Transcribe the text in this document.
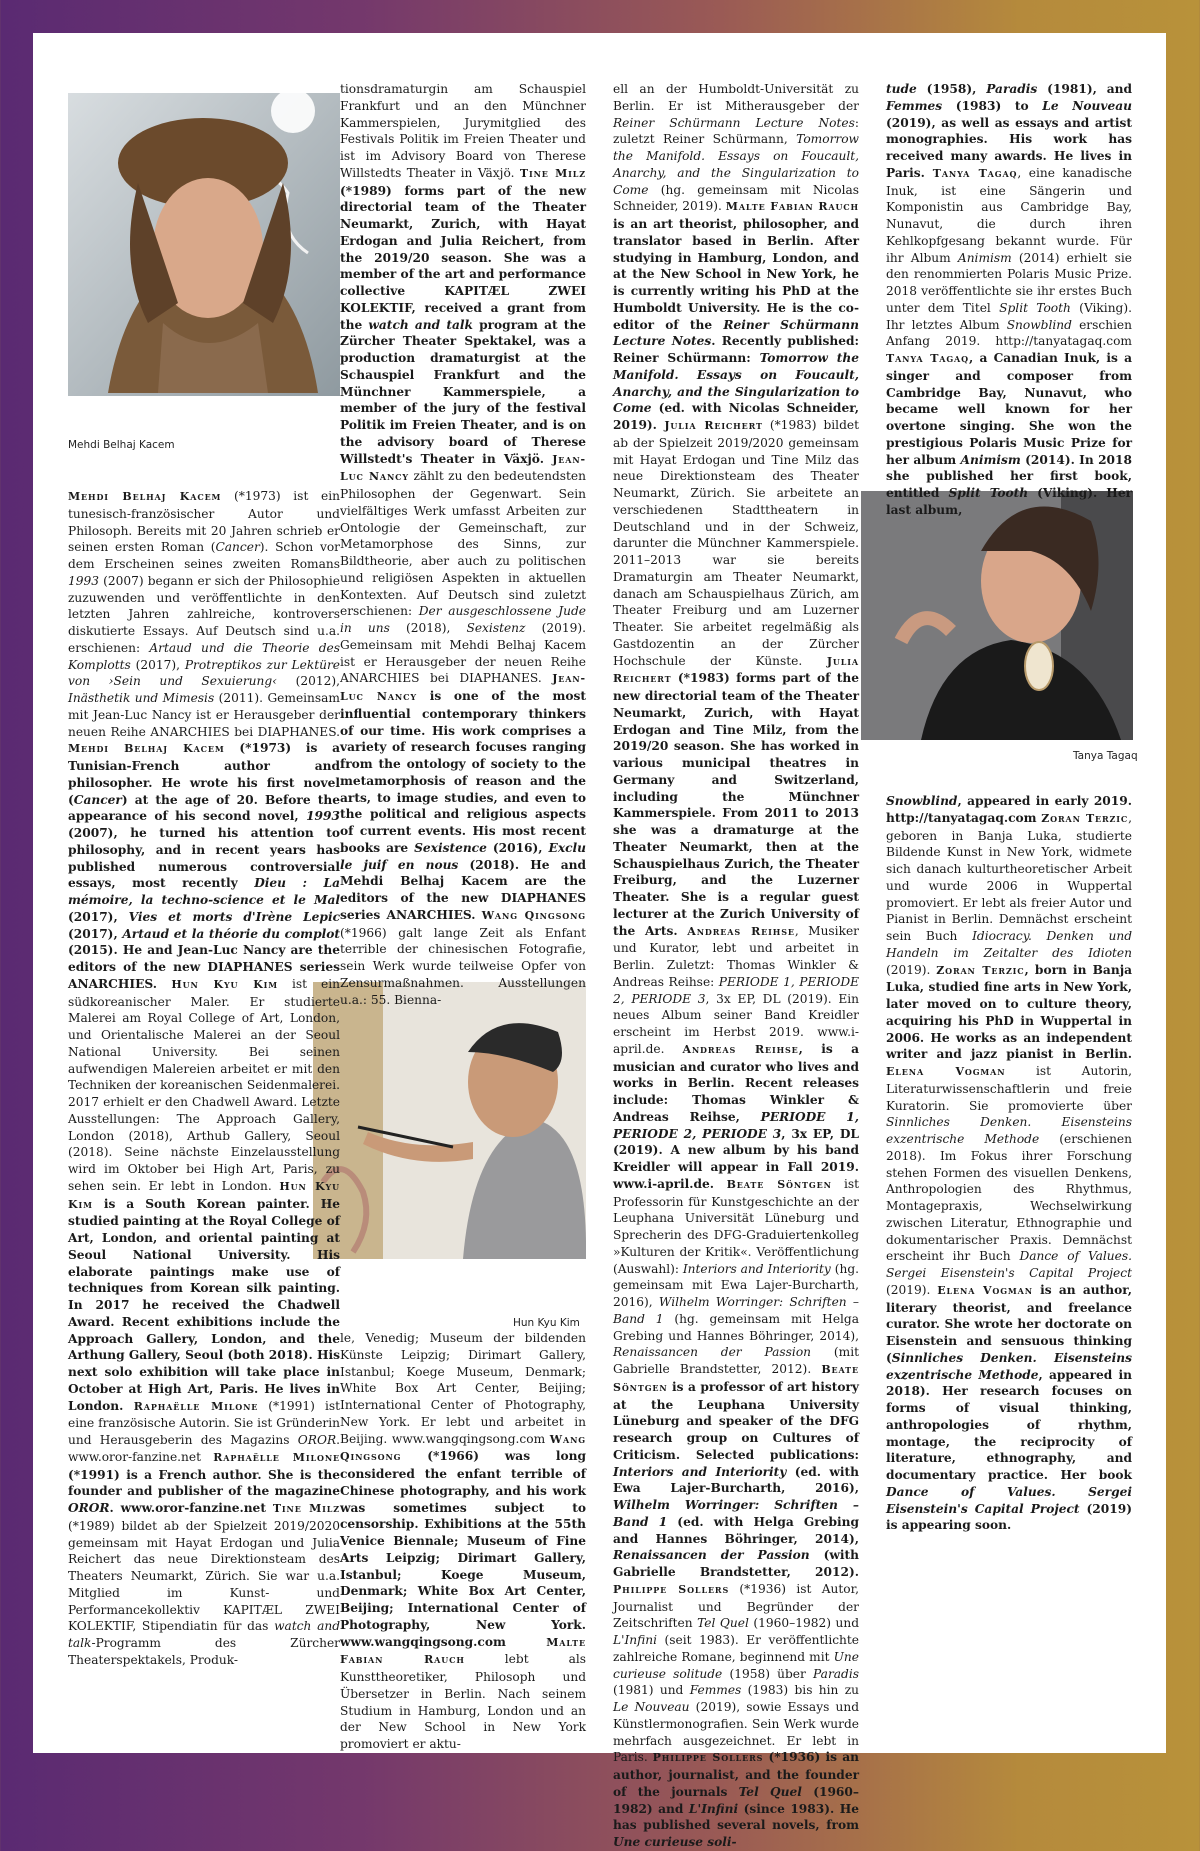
Mehdi Belhaj Kacem
Hun Kyu Kim
Tanya Tagaq

Mehdi Belhaj Kacem (*1973) ist ein tunesisch-französischer Autor und Philosoph. Bereits mit 20 Jahren schrieb er seinen ersten Roman (Cancer). Schon vor dem Erscheinen seines zweiten Romans 1993 (2007) begann er sich der Philosophie zuzuwenden und veröffentlichte in den letzten Jahren zahlreiche, kontrovers diskutierte Essays. Auf Deutsch sind u.a. erschienen: Artaud und die Theorie des Komplotts (2017), Protreptikos zur Lektüre von ›Sein und Sexuierung‹ (2012), Inästhetik und Mimesis (2011). Gemeinsam mit Jean-Luc Nancy ist er Herausgeber der neuen Reihe ANARCHIES bei DIAPHANES. Mehdi Belhaj Kacem (*1973) is a Tunisian-French author and philosopher. He wrote his first novel (Cancer) at the age of 20. Before the appearance of his second novel, 1993 (2007), he turned his attention to philosophy, and in recent years has published numerous controversial essays, most recently Dieu : La mémoire, la techno-science et le Mal (2017), Vies et morts d'Irène Lepic (2017), Artaud et la théorie du complot (2015). He and Jean-Luc Nancy are the editors of the new DIAPHANES series ANARCHIES. Hun Kyu Kim ist ein südkoreanischer Maler. Er studierte Malerei am Royal College of Art, London, und Orientalische Malerei an der Seoul National University. Bei seinen aufwendigen Malereien arbeitet er mit den Techniken der koreanischen Seidenmalerei. 2017 erhielt er den Chadwell Award. Letzte Ausstellungen: The Approach Gallery, London (2018), Arthub Gallery, Seoul (2018). Seine nächste Einzelausstellung wird im Oktober bei High Art, Paris, zu sehen sein. Er lebt in London. Hun Kyu Kim is a South Korean painter. He studied painting at the Royal College of Art, London, and oriental painting at Seoul National University. His elaborate paintings make use of techniques from Korean silk painting. In 2017 he received the Chadwell Award. Recent exhibitions include the Approach Gallery, London, and the Arthung Gallery, Seoul (both 2018). His next solo exhibition will take place in October at High Art, Paris. He lives in London. Raphaëlle Milone (*1991) ist eine französische Autorin. Sie ist Gründerin und Herausgeberin des Magazins OROR. www.oror-fanzine.net Raphaëlle Milone (*1991) is a French author. She is the founder and publisher of the magazine OROR. www.oror-fanzine.net Tine Milz (*1989) bildet ab der Spielzeit 2019/2020 gemeinsam mit Hayat Erdogan und Julia Reichert das neue Direktionsteam des Theaters Neumarkt, Zürich. Sie war u.a. Mitglied im Kunst- und Performancekollektiv KAPITÆL ZWEI KOLEKTIF, Stipendiatin für das watch and talk-Programm des Zürcher Theaterspektakels, Produk-

tionsdramaturgin am Schauspiel Frankfurt und an den Münchner Kammerspielen, Jurymitglied des Festivals Politik im Freien Theater und ist im Advisory Board von Therese Willstedts Theater in Växjö. Tine Milz (*1989) forms part of the new directorial team of the Theater Neumarkt, Zurich, with Hayat Erdogan and Julia Reichert, from the 2019/20 season. She was a member of the art and performance collective KAPITÆL ZWEI KOLEKTIF, received a grant from the watch and talk program at the Zürcher Theater Spektakel, was a production dramaturgist at the Schauspiel Frankfurt and the Münchner Kammerspiele, a member of the jury of the festival Politik im Freien Theater, and is on the advisory board of Therese Willstedt's Theater in Växjö. Jean-Luc Nancy zählt zu den bedeutendsten Philosophen der Gegenwart. Sein vielfältiges Werk umfasst Arbeiten zur Ontologie der Gemeinschaft, zur Metamorphose des Sinns, zur Bildtheorie, aber auch zu politischen und religiösen Aspekten in aktuellen Kontexten. Auf Deutsch sind zuletzt erschienen: Der ausgeschlossene Jude in uns (2018), Sexistenz (2019). Gemeinsam mit Mehdi Belhaj Kacem ist er Herausgeber der neuen Reihe ANARCHIES bei DIAPHANES. Jean-Luc Nancy is one of the most influential contemporary thinkers of our time. His work comprises a variety of research focuses ranging from the ontology of society to the metamorphosis of reason and the arts, to image studies, and even to the political and religious aspects of current events. His most recent books are Sexistence (2016), Exclu le juif en nous (2018). He and Mehdi Belhaj Kacem are the editors of the new DIAPHANES series ANARCHIES. Wang Qingsong (*1966) galt lange Zeit als Enfant terrible der chinesischen Fotografie, sein Werk wurde teilweise Opfer von Zensurmaßnahmen. Ausstellungen u.a.: 55. Bienna-

le, Venedig; Museum der bildenden Künste Leipzig; Dirimart Gallery, Istanbul; Koege Museum, Denmark; White Box Art Center, Beijing; International Center of Photography, New York. Er lebt und arbeitet in Beijing. www.wangqingsong.com Wang Qingsong (*1966) was long considered the enfant terrible of Chinese photography, and his work was sometimes subject to censorship. Exhibitions at the 55th Venice Biennale; Museum of Fine Arts Leipzig; Dirimart Gallery, Istanbul; Koege Museum, Denmark; White Box Art Center, Beijing; International Center of Photography, New York. www.wangqingsong.com Malte Fabian Rauch lebt als Kunsttheoretiker, Philosoph und Übersetzer in Berlin. Nach seinem Studium in Hamburg, London und an der New School in New York promoviert er aktu-

ell an der Humboldt-Universität zu Berlin. Er ist Mitherausgeber der Reiner Schürmann Lecture Notes: zuletzt Reiner Schürmann, Tomorrow the Manifold. Essays on Foucault, Anarchy, and the Singularization to Come (hg. gemeinsam mit Nicolas Schneider, 2019). Malte Fabian Rauch is an art theorist, philosopher, and translator based in Berlin. After studying in Hamburg, London, and at the New School in New York, he is currently writing his PhD at the Humboldt University. He is the co-editor of the Reiner Schürmann Lecture Notes. Recently published: Reiner Schürmann: Tomorrow the Manifold. Essays on Foucault, Anarchy, and the Singularization to Come (ed. with Nicolas Schneider, 2019). Julia Reichert (*1983) bildet ab der Spielzeit 2019/2020 gemeinsam mit Hayat Erdogan und Tine Milz das neue Direktionsteam des Theater Neumarkt, Zürich. Sie arbeitete an verschiedenen Stadttheatern in Deutschland und in der Schweiz, darunter die Münchner Kammerspiele. 2011–2013 war sie bereits Dramaturgin am Theater Neumarkt, danach am Schauspielhaus Zürich, am Theater Freiburg und am Luzerner Theater. Sie arbeitet regelmäßig als Gastdozentin an der Zürcher Hochschule der Künste. Julia Reichert (*1983) forms part of the new directorial team of the Theater Neumarkt, Zurich, with Hayat Erdogan and Tine Milz, from the 2019/20 season. She has worked in various municipal theatres in Germany and Switzerland, including the Münchner Kammerspiele. From 2011 to 2013 she was a dramaturge at the Theater Neumarkt, then at the Schauspielhaus Zurich, the Theater Freiburg, and the Luzerner Theater. She is a regular guest lecturer at the Zurich University of the Arts. Andreas Reihse, Musiker und Kurator, lebt und arbeitet in Berlin. Zuletzt: Thomas Winkler & Andreas Reihse: PERIODE 1, PERIODE 2, PERIODE 3, 3x EP, DL (2019). Ein neues Album seiner Band Kreidler erscheint im Herbst 2019. www.i-april.de. Andreas Reihse, is a musician and curator who lives and works in Berlin. Recent releases include: Thomas Winkler & Andreas Reihse, PERIODE 1, PERIODE 2, PERIODE 3, 3x EP, DL (2019). A new album by his band Kreidler will appear in Fall 2019. www.i-april.de. Beate Söntgen ist Professorin für Kunstgeschichte an der Leuphana Universität Lüneburg und Sprecherin des DFG-Graduiertenkolleg »Kulturen der Kritik«. Veröffentlichung (Auswahl): Interiors and Interiority (hg. gemeinsam mit Ewa Lajer-Burcharth, 2016), Wilhelm Worringer: Schriften – Band 1 (hg. gemeinsam mit Helga Grebing und Hannes Böhringer, 2014), Renaissancen der Passion (mit Gabrielle Brandstetter, 2012). Beate Söntgen is a professor of art history at the Leuphana University Lüneburg and speaker of the DFG research group on Cultures of Criticism. Selected publications: Interiors and Interiority (ed. with Ewa Lajer-Burcharth, 2016), Wilhelm Worringer: Schriften – Band 1 (ed. with Helga Grebing and Hannes Böhringer, 2014), Renaissancen der Passion (with Gabrielle Brandstetter, 2012). Philippe Sollers (*1936) ist Autor, Journalist und Begründer der Zeitschriften Tel Quel (1960–1982) und L'Infini (seit 1983). Er veröffentlichte zahlreiche Romane, beginnend mit Une curieuse solitude (1958) über Paradis (1981) und Femmes (1983) bis hin zu Le Nouveau (2019), sowie Essays und Künstlermonografien. Sein Werk wurde mehrfach ausgezeichnet. Er lebt in Paris. Philippe Sollers (*1936) is an author, journalist, and the founder of the journals Tel Quel (1960–1982) and L'Infini (since 1983). He has published several novels, from Une curieuse soli-

tude (1958), Paradis (1981), and Femmes (1983) to Le Nouveau (2019), as well as essays and artist monographies. His work has received many awards. He lives in Paris. Tanya Tagaq, eine kanadische Inuk, ist eine Sängerin und Komponistin aus Cambridge Bay, Nunavut, die durch ihren Kehlkopfgesang bekannt wurde. Für ihr Album Animism (2014) erhielt sie den renommierten Polaris Music Prize. 2018 veröffentlichte sie ihr erstes Buch unter dem Titel Split Tooth (Viking). Ihr letztes Album Snowblind erschien Anfang 2019. http://tanyatagaq.com Tanya Tagaq, a Canadian Inuk, is a singer and composer from Cambridge Bay, Nunavut, who became well known for her overtone singing. She won the prestigious Polaris Music Prize for her album Animism (2014). In 2018 she published her first book, entitled Split Tooth (Viking). Her last album,

Snowblind, appeared in early 2019. http://tanyatagaq.com Zoran Terzic, geboren in Banja Luka, studierte Bildende Kunst in New York, widmete sich danach kulturtheoretischer Arbeit und wurde 2006 in Wuppertal promoviert. Er lebt als freier Autor und Pianist in Berlin. Demnächst erscheint sein Buch Idiocracy. Denken und Handeln im Zeitalter des Idioten (2019). Zoran Terzic, born in Banja Luka, studied fine arts in New York, later moved on to culture theory, acquiring his PhD in Wuppertal in 2006. He works as an independent writer and jazz pianist in Berlin. Elena Vogman ist Autorin, Literaturwissenschaftlerin und freie Kuratorin. Sie promovierte über Sinnliches Denken. Eisensteins exzentrische Methode (erschienen 2018). Im Fokus ihrer Forschung stehen Formen des visuellen Denkens, Anthropologien des Rhythmus, Montagepraxis, Wechselwirkung zwischen Literatur, Ethnographie und dokumentarischer Praxis. Demnächst erscheint ihr Buch Dance of Values. Sergei Eisenstein's Capital Project (2019). Elena Vogman is an author, literary theorist, and freelance curator. She wrote her doctorate on Eisenstein and sensuous thinking (Sinnliches Denken. Eisensteins exzentrische Methode, appeared in 2018). Her research focuses on forms of visual thinking, anthropologies of rhythm, montage, the reciprocity of literature, ethnography, and documentary practice. Her book Dance of Values. Sergei Eisenstein's Capital Project (2019) is appearing soon.
